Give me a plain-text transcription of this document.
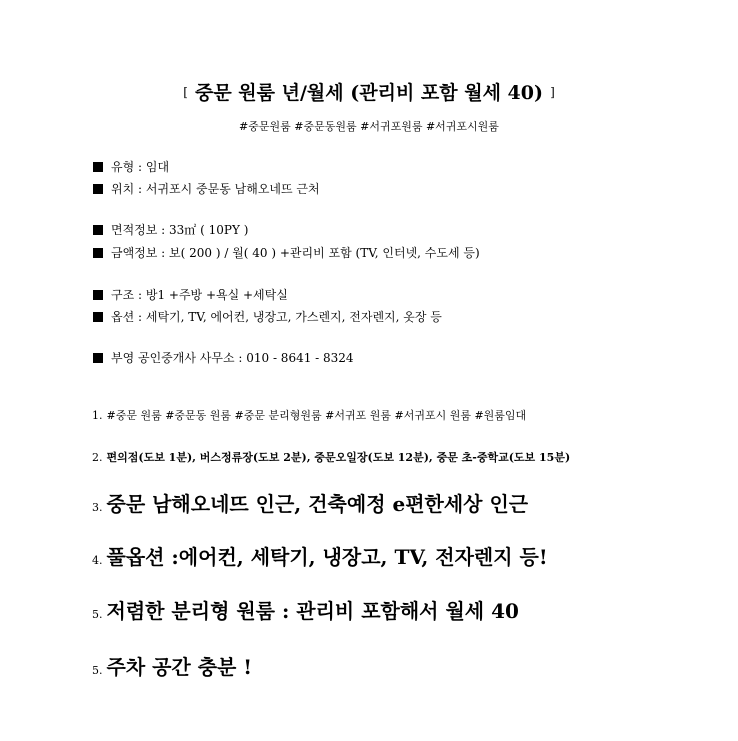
[ 중문 원룸 년/월세 (관리비 포함 월세 40) ]
#중문원룸 #중문동원룸 #서귀포원룸 #서귀포시원룸
유형 : 임대
위치 : 서귀포시 중문동 남해오네뜨 근처
면적정보 : 33㎡ ( 10PY )
금액정보 : 보( 200 ) / 월( 40 ) +관리비 포함 (TV, 인터넷, 수도세 등)
구조 : 방1 +주방 +욕실 +세탁실
옵션 : 세탁기, TV, 에어컨, 냉장고, 가스렌지, 전자렌지, 옷장 등
부영 공인중개사 사무소 : 010 - 8641 - 8324
1. #중문 원룸 #중문동 원룸 #중문 분리형원룸 #서귀포 원룸 #서귀포시 원룸 #원룸임대
2. 편의점(도보 1분), 버스정류장(도보 2분), 중문오일장(도보 12분), 중문 초-중학교(도보 15분)
3. 중문 남해오네뜨 인근, 건축예정 e편한세상 인근
4. 풀옵션 :에어컨, 세탁기, 냉장고, TV, 전자렌지 등!
5. 저렴한 분리형 원룸 : 관리비 포함해서 월세 40
5. 주차 공간 충분 !
